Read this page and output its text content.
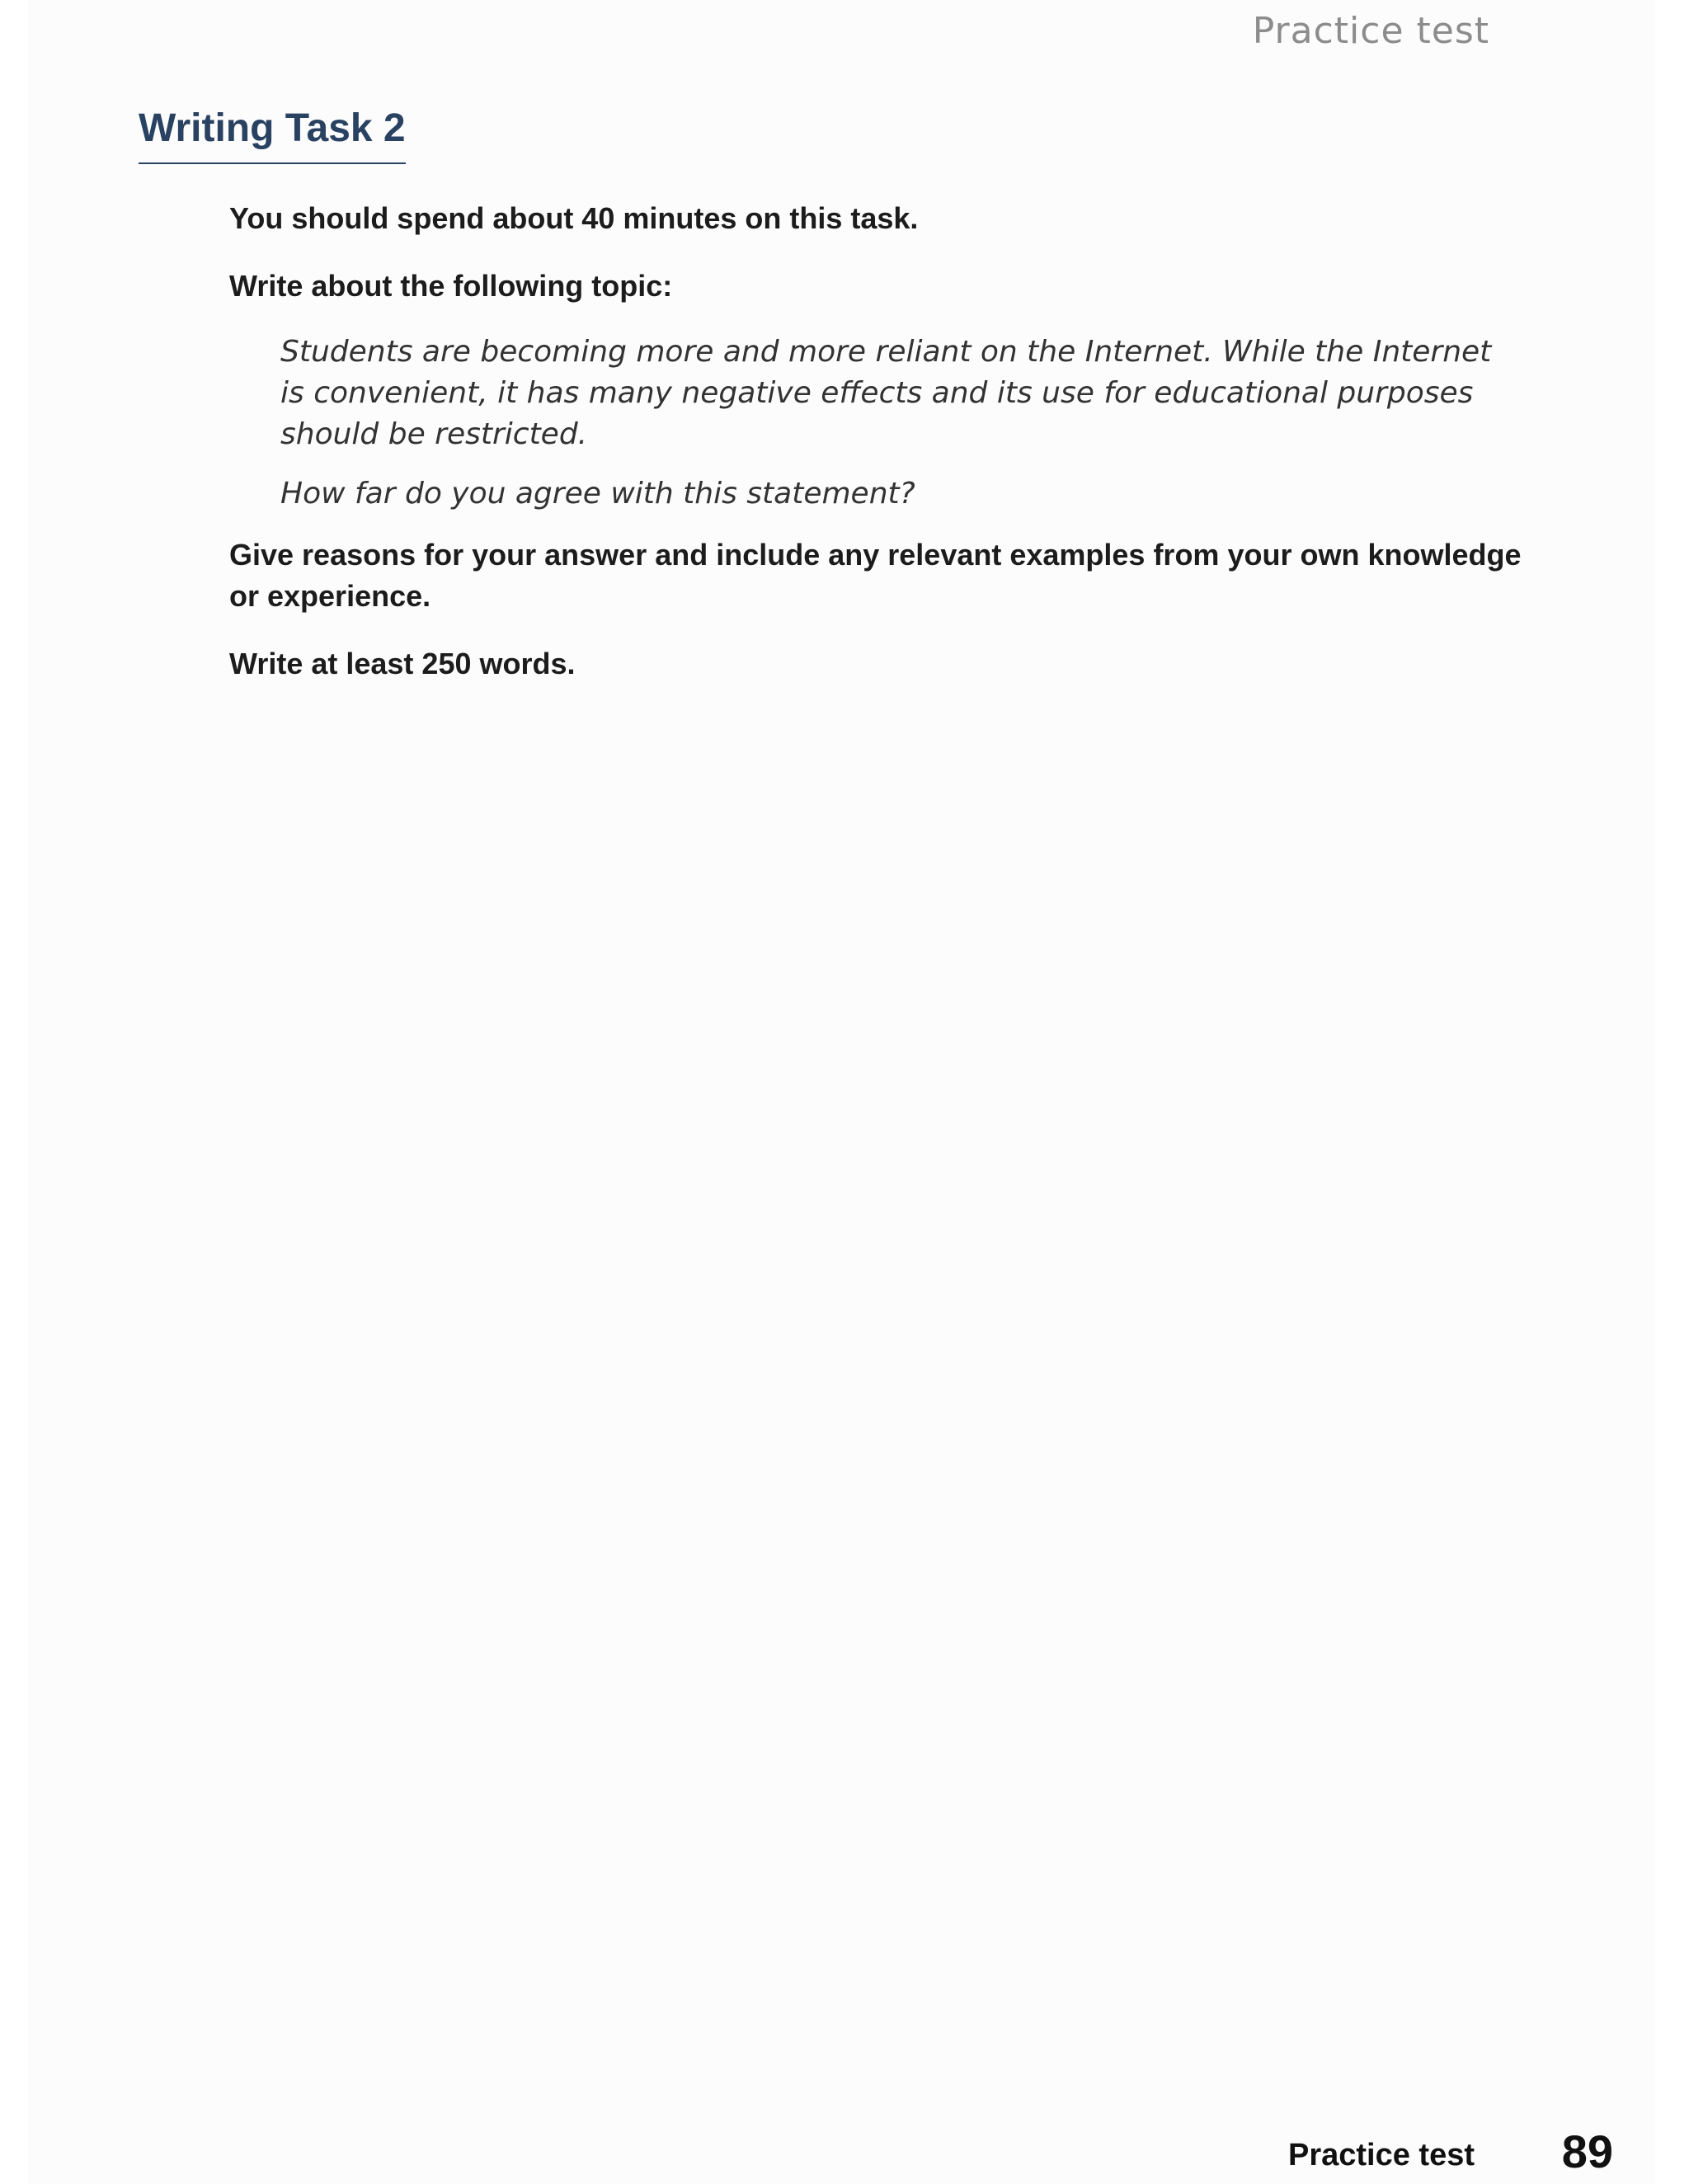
Practice test
Writing Task 2
You should spend about 40 minutes on this task.
Write about the following topic:
Students are becoming more and more reliant on the Internet. While the Internet is convenient, it has many negative effects and its use for educational purposes should be restricted.
How far do you agree with this statement?
Give reasons for your answer and include any relevant examples from your own knowledge or experience.
Write at least 250 words.
Practice test 89
